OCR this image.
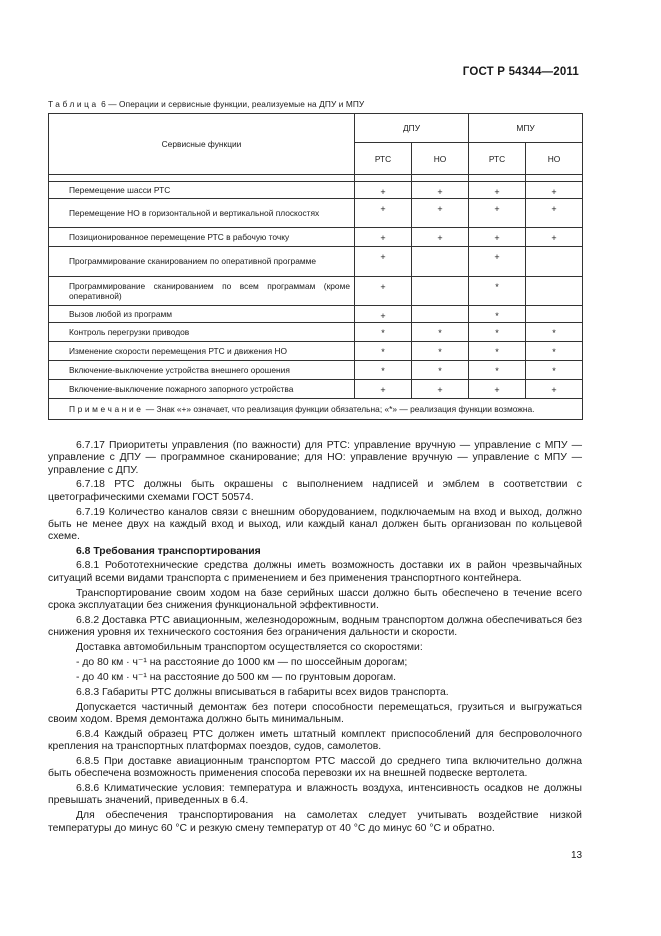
ГОСТ Р 54344—2011
Таблица 6 — Операции и сервисные функции, реализуемые на ДПУ и МПУ
Сервисные функции	ДПУ		МПУ	
	РТС	НО	РТС	НО

Перемещение шасси РТС	+	+	+	+
Перемещение НО в горизонтальной и вертикальной плоскостях	+	+	+	+
Позиционированное перемещение РТС в рабочую точку	+	+	+	+
Программирование сканированием по оперативной программе	+		+	
Программирование сканированием по всем программам (кроме оперативной)	+		*	
Вызов любой из программ	+		*	
Контроль перегрузки приводов	*	*	*	*
Изменение скорости перемещения РТС и движения НО	*	*	*	*
Включение-выключение устройства внешнего орошения	*	*	*	*
Включение-выключение пожарного запорного устройства	+	+	+	+
Примечание — Знак «+» означает, что реализация функции обязательна; «*» — реализация функции возможна.				

6.7.17 Приоритеты управления (по важности) для РТС: управление вручную — управление с МПУ — управление с ДПУ — программное сканирование; для НО: управление вручную — управление с МПУ — управление с ДПУ.

6.7.18 РТС должны быть окрашены с выполнением надписей и эмблем в соответствии с цветографическими схемами ГОСТ 50574.

6.7.19 Количество каналов связи с внешним оборудованием, подключаемым на вход и выход, должно быть не менее двух на каждый вход и выход, или каждый канал должен быть организован по кольцевой схеме.

6.8 Требования транспортирования

6.8.1 Робототехнические средства должны иметь возможность доставки их в район чрезвычайных ситуаций всеми видами транспорта с применением и без применения транспортного контейнера.

Транспортирование своим ходом на базе серийных шасси должно быть обеспечено в течение всего срока эксплуатации без снижения функциональной эффективности.

6.8.2 Доставка РТС авиационным, железнодорожным, водным транспортом должна обеспечиваться без снижения уровня их технического состояния без ограничения дальности и скорости.

Доставка автомобильным транспортом осуществляется со скоростями:

- до 80 км · ч⁻¹ на расстояние до 1000 км — по шоссейным дорогам;

- до 40 км · ч⁻¹ на расстояние до 500 км — по грунтовым дорогам.

6.8.3 Габариты РТС должны вписываться в габариты всех видов транспорта.

Допускается частичный демонтаж без потери способности перемещаться, грузиться и выгружаться своим ходом. Время демонтажа должно быть минимальным.

6.8.4 Каждый образец РТС должен иметь штатный комплект приспособлений для беспроволочного крепления на транспортных платформах поездов, судов, самолетов.

6.8.5 При доставке авиационным транспортом РТС массой до среднего типа включительно должна быть обеспечена возможность применения способа перевозки их на внешней подвеске вертолета.

6.8.6 Климатические условия: температура и влажность воздуха, интенсивность осадков не должны превышать значений, приведенных в 6.4.

Для обеспечения транспортирования на самолетах следует учитывать воздействие низкой температуры до минус 60 °С и резкую смену температур от 40 °С до минус 60 °С и обратно.

13
